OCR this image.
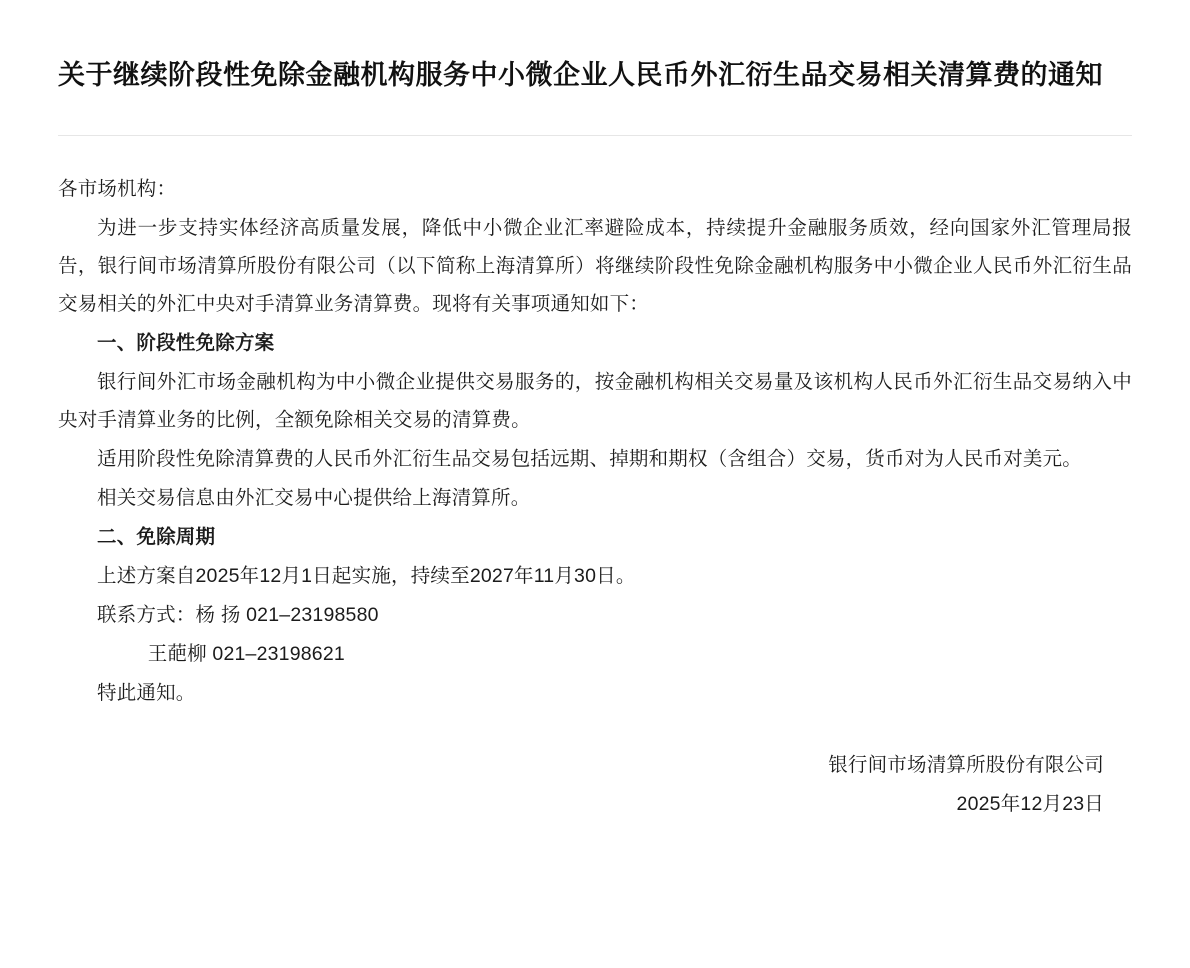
关于继续阶段性免除金融机构服务中小微企业人民币外汇衍生品交易相关清算费的通知

各市场机构：

为进一步支持实体经济高质量发展，降低中小微企业汇率避险成本，持续提升金融服务质效，经向国家外汇管理局报告，银行间市场清算所股份有限公司（以下简称上海清算所）将继续阶段性免除金融机构服务中小微企业人民币外汇衍生品交易相关的外汇中央对手清算业务清算费。现将有关事项通知如下：

一、阶段性免除方案

银行间外汇市场金融机构为中小微企业提供交易服务的，按金融机构相关交易量及该机构人民币外汇衍生品交易纳入中央对手清算业务的比例，全额免除相关交易的清算费。

适用阶段性免除清算费的人民币外汇衍生品交易包括远期、掉期和期权（含组合）交易，货币对为人民币对美元。

相关交易信息由外汇交易中心提供给上海清算所。

二、免除周期

上述方案自2025年12月1日起实施，持续至2027年11月30日。

联系方式：杨 扬 021–23198580

王葩柳 021–23198621

特此通知。

银行间市场清算所股份有限公司
2025年12月23日
